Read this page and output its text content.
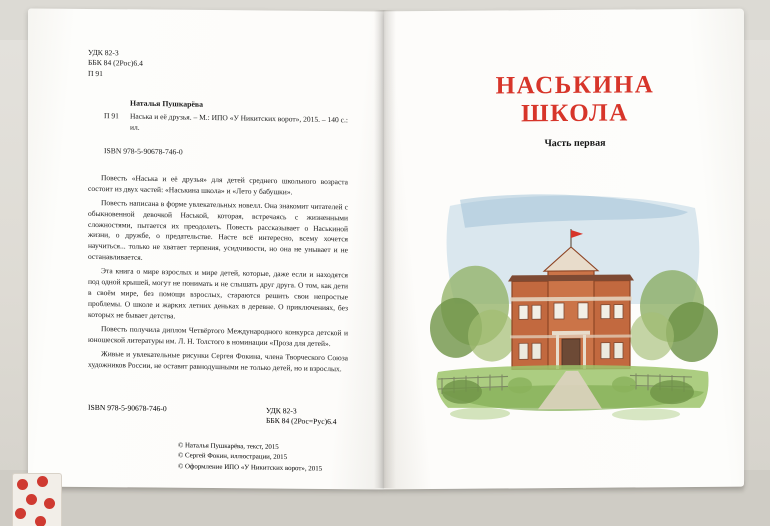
УДК 82-3
ББК 84 (2Рос)6.4
П 91
Наталья Пушкарёва
П 91	Наська и её друзья. – М.: ИПО «У Никитских ворот», 2015. – 140 с.: ил.
ISBN 978-5-90678-746-0

Повесть «Наська и её друзья» для детей среднего школьного возраста состоит из двух частей: «Наськина школа» и «Лето у бабушки».

Повесть написана в форме увлекательных новелл. Она знакомит читателей с обыкновенной девочкой Наськой, которая, встречаясь с жизненными сложностями, пытается их преодолеть. Повесть рассказывает о Наськиной жизни, о дружбе, о предательстве. Насте всё интересно, всему хочется научиться... только не хватает терпения, усидчивости, но она не унывает и не останавливается.

Эта книга о мире взрослых и мире детей, которые, даже если и находятся под одной крышей, могут не понимать и не слышать друг друга. О том, как дети в своём мире, без помощи взрослых, стараются решить свои непростые проблемы. О школе и жарких летних деньках в деревне. О приключениях, без которых не бывает детства.

Повесть получила диплом Четвёртого Международного конкурса детской и юношеской литературы им. Л. Н. Толстого в номинации «Проза для детей».

Живые и увлекательные рисунки Сергея Фокина, члена Творческого Союза художников России, не оставят равнодушными не только детей, но и взрослых.

ISBN 978-5-90678-746-0	УДК 82-3
ББК 84 (2Рос=Рус)6.4
© Наталья Пушкарёва, текст, 2015
© Сергей Фокин, иллюстрации, 2015
© Оформление ИПО «У Никитских ворот», 2015
НАСЬКИНА ШКОЛА
Часть первая
